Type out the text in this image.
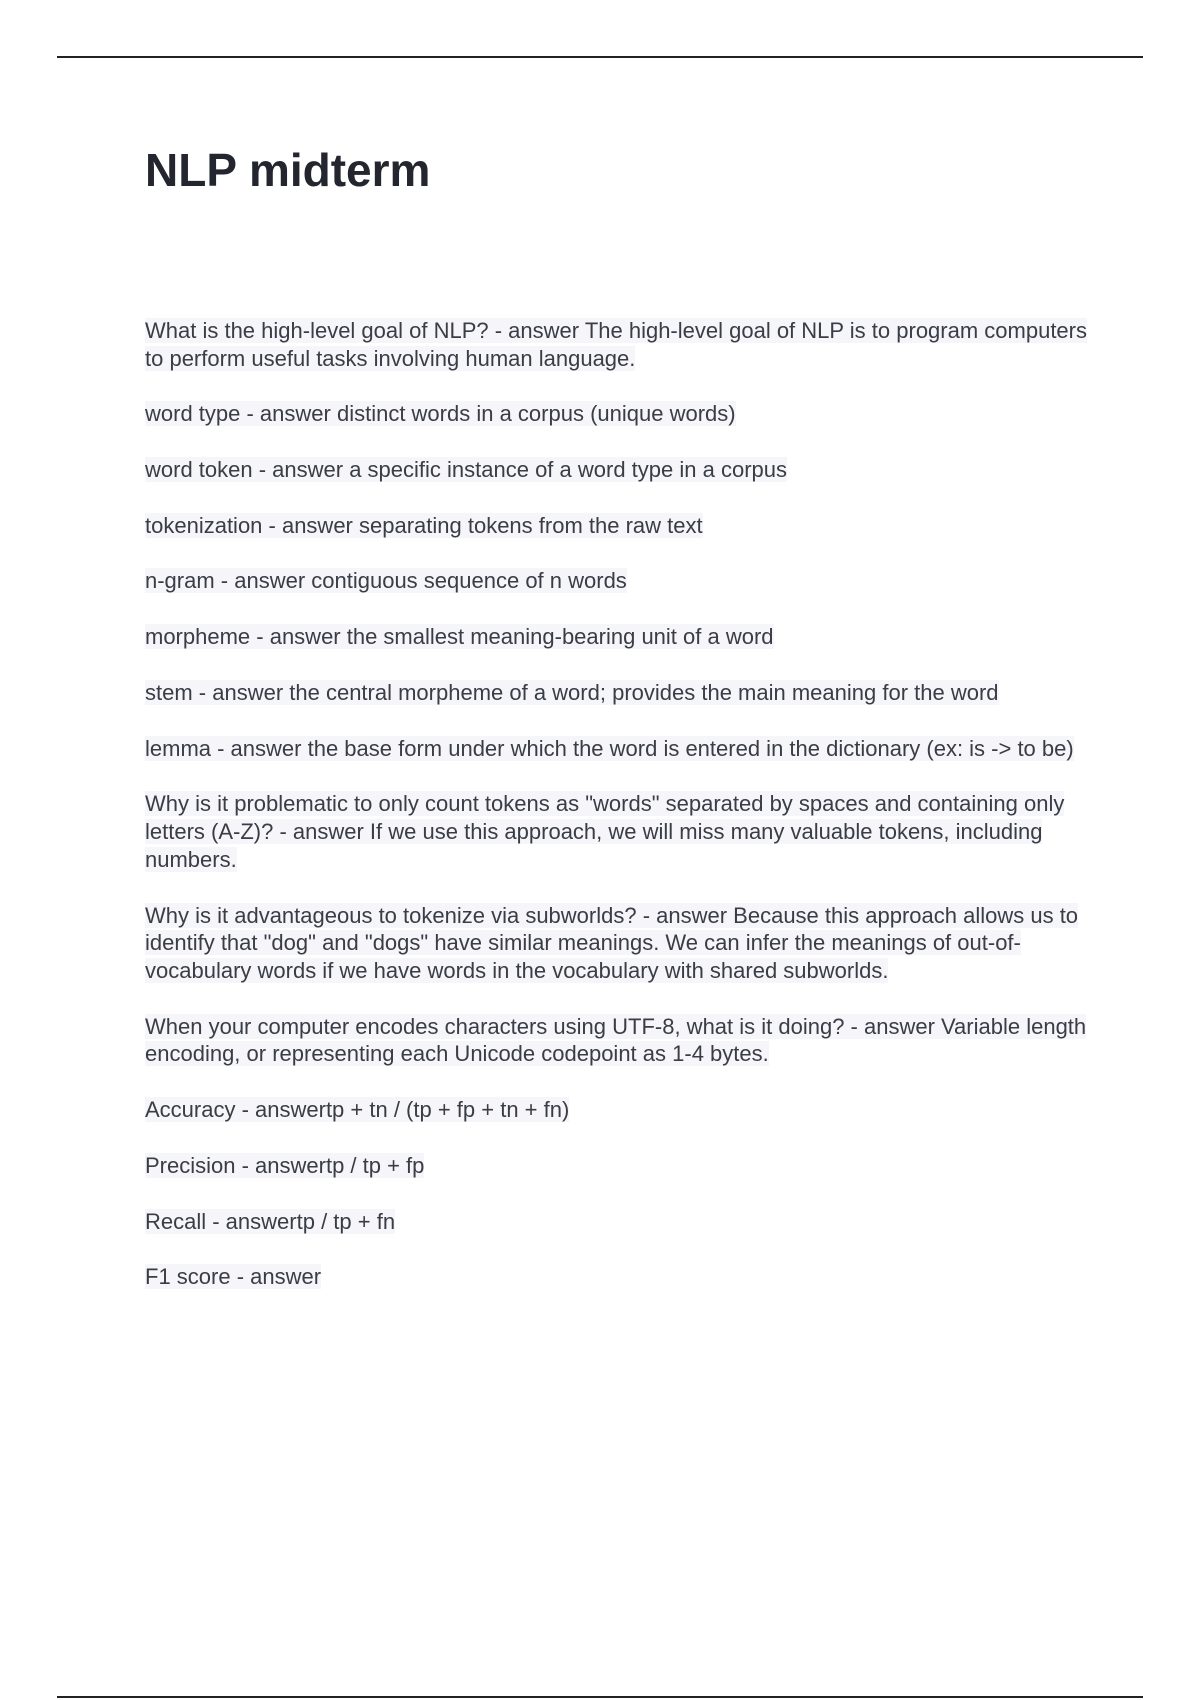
NLP midterm

What is the high-level goal of NLP? - answer The high-level goal of NLP is to program computers to perform useful tasks involving human language.

word type - answer distinct words in a corpus (unique words)

word token - answer a specific instance of a word type in a corpus

tokenization - answer separating tokens from the raw text

n-gram - answer contiguous sequence of n words

morpheme - answer the smallest meaning-bearing unit of a word

stem - answer the central morpheme of a word; provides the main meaning for the word

lemma - answer the base form under which the word is entered in the dictionary (ex: is -> to be)

Why is it problematic to only count tokens as "words" separated by spaces and containing only letters (A-Z)? - answer If we use this approach, we will miss many valuable tokens, including numbers.

Why is it advantageous to tokenize via subworlds? - answer Because this approach allows us to identify that "dog" and "dogs" have similar meanings. We can infer the meanings of out-of-vocabulary words if we have words in the vocabulary with shared subworlds.

When your computer encodes characters using UTF-8, what is it doing? - answer Variable length encoding, or representing each Unicode codepoint as 1-4 bytes.

Accuracy - answertp + tn / (tp + fp + tn + fn)

Precision - answertp / tp + fp

Recall - answertp / tp + fn

F1 score - answer
